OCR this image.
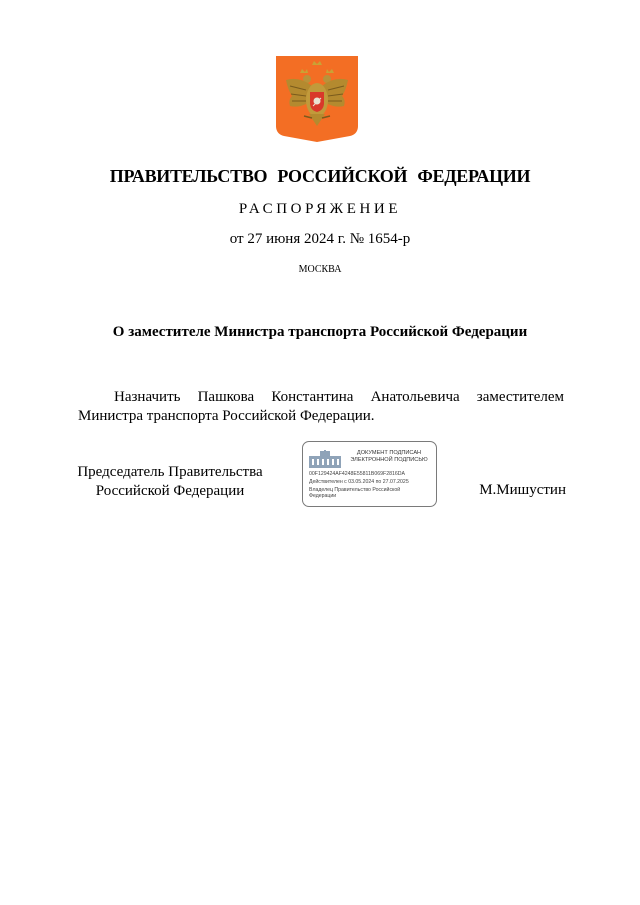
ПРАВИТЕЛЬСТВО РОССИЙСКОЙ ФЕДЕРАЦИИ
РАСПОРЯЖЕНИЕ
от 27 июня 2024 г. № 1654-р
МОСКВА
О заместителе Министра транспорта Российской Федерации
Назначить Пашкова Константина Анатольевича заместителем Министра транспорта Российской Федерации.
Председатель Правительства
Российской Федерации
ДОКУМЕНТ ПОДПИСАН
ЭЛЕКТРОННОЙ ПОДПИСЬЮ
00F129424AF4248E55811B069F2816DA
Действителен с 03.05.2024 по 27.07.2025
Владелец Правительство Российской
Федерации	М.Мишустин
